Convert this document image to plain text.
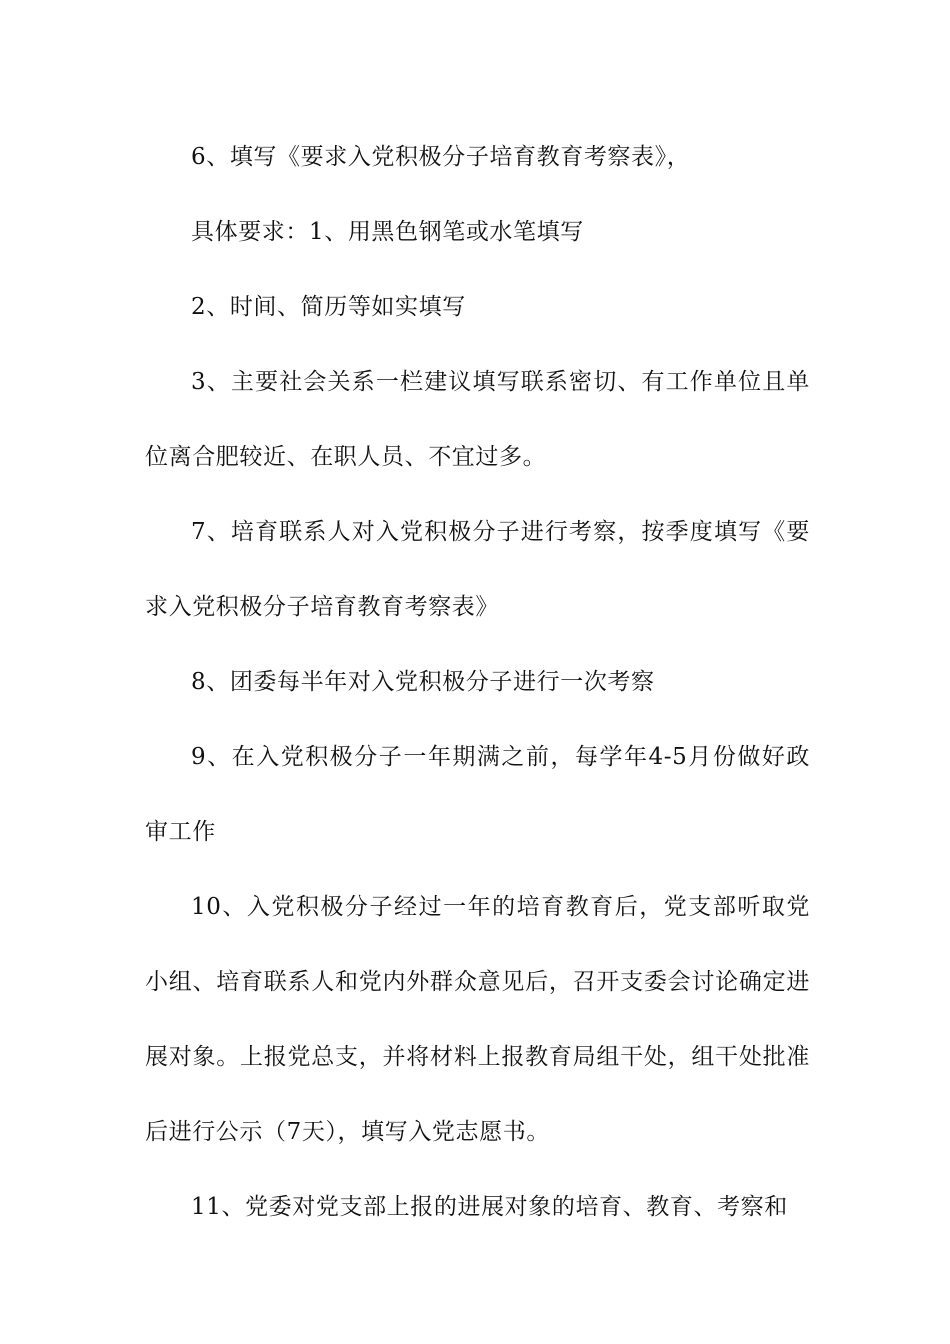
6、填写《要求入党积极分子培育教育考察表》，

具体要求：1、用黑色钢笔或水笔填写

2、时间、简历等如实填写

3、主要社会关系一栏建议填写联系密切、有工作单位且单位离合肥较近、在职人员、不宜过多。

7、培育联系人对入党积极分子进行考察，按季度填写《要求入党积极分子培育教育考察表》

8、团委每半年对入党积极分子进行一次考察

9、在入党积极分子一年期满之前，每学年4-5月份做好政审工作

10、入党积极分子经过一年的培育教育后，党支部听取党小组、培育联系人和党内外群众意见后，召开支委会讨论确定进展对象。上报党总支，并将材料上报教育局组干处，组干处批准后进行公示（7天），填写入党志愿书。

11、党委对党支部上报的进展对象的培育、教育、考察和
